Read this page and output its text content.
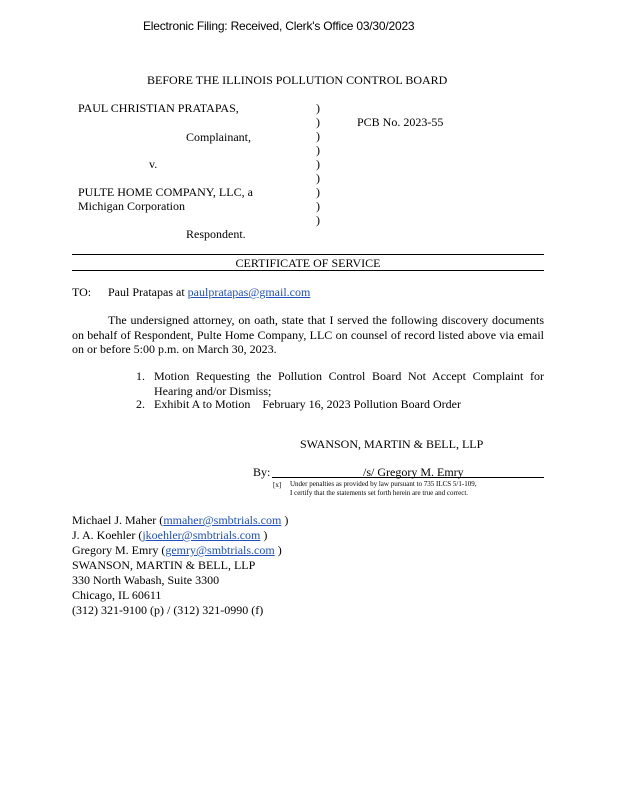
Electronic Filing: Received, Clerk's Office 03/30/2023
BEFORE THE ILLINOIS POLLUTION CONTROL BOARD
PAUL CHRISTIAN PRATAPAS,
Complainant,
v.
PULTE HOME COMPANY, LLC, a
Michigan Corporation
Respondent.
)
)
)
)
)
)
)
)
)
PCB No. 2023-55
CERTIFICATE OF SERVICE
TO: Paul Pratapas at paulpratapas@gmail.com
The undersigned attorney, on oath, state that I served the following discovery documents on behalf of Respondent, Pulte Home Company, LLC on counsel of record listed above via email on or before 5:00 p.m. on March 30, 2023.
1. Motion Requesting the Pollution Control Board Not Accept Complaint for Hearing and/or Dismiss;
2. Exhibit A to Motion    February 16, 2023 Pollution Board Order
SWANSON, MARTIN & BELL, LLP
By:	/s/ Gregory M. Emry
[x] Under penalties as provided by law pursuant to 735 ILCS 5/1-109,
I certify that the statements set forth herein are true and correct.
Michael J. Maher (mmaher@smbtrials.com )
J. A. Koehler (jkoehler@smbtrials.com )
Gregory M. Emry (gemry@smbtrials.com )
SWANSON, MARTIN & BELL, LLP
330 North Wabash, Suite 3300
Chicago, IL 60611
(312) 321-9100 (p) / (312) 321-0990 (f)
